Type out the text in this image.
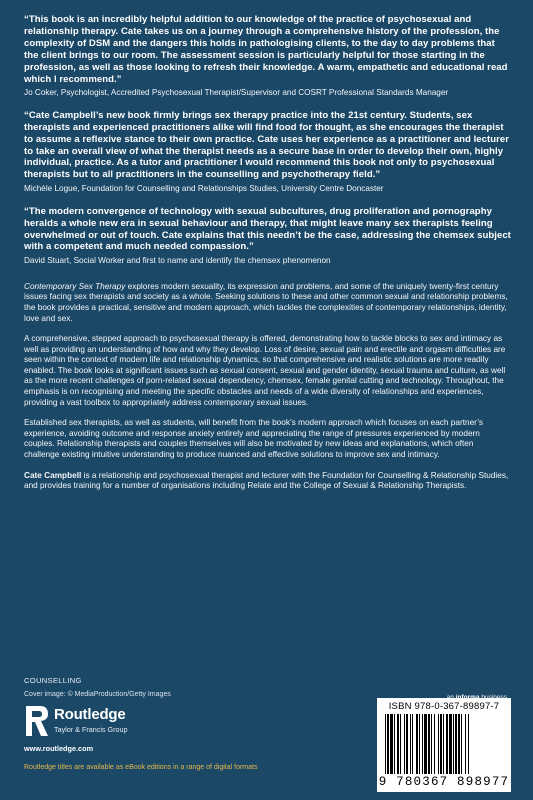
“This book is an incredibly helpful addition to our knowledge of the practice of psychosexual and relationship therapy. Cate takes us on a journey through a comprehensive history of the profession, the complexity of DSM and the dangers this holds in pathologising clients, to the day to day problems that the client brings to our room. The assessment session is particularly helpful for those starting in the profession, as well as those looking to refresh their knowledge. A warm, empathetic and educational read which I recommend.”

Jo Coker, Psychologist, Accredited Psychosexual Therapist/Supervisor and COSRT Professional Standards Manager

“Cate Campbell’s new book firmly brings sex therapy practice into the 21st century. Students, sex therapists and experienced practitioners alike will find food for thought, as she encourages the therapist to assume a reflexive stance to their own practice. Cate uses her experience as a practitioner and lecturer to take an overall view of what the therapist needs as a secure base in order to develop their own, highly individual, practice. As a tutor and practitioner I would recommend this book not only to psychosexual therapists but to all practitioners in the counselling and psychotherapy field.”

Michèle Logue, Foundation for Counselling and Relationships Studies, University Centre Doncaster

“The modern convergence of technology with sexual subcultures, drug proliferation and pornography heralds a whole new era in sexual behaviour and therapy, that might leave many sex therapists feeling overwhelmed or out of touch. Cate explains that this needn’t be the case, addressing the chemsex subject with a competent and much needed compassion.”

David Stuart, Social Worker and first to name and identify the chemsex phenomenon

Contemporary Sex Therapy explores modern sexuality, its expression and problems, and some of the uniquely twenty-first century issues facing sex therapists and society as a whole. Seeking solutions to these and other common sexual and relationship problems, the book provides a practical, sensitive and modern approach, which tackles the complexities of contemporary relationships, identity, love and sex.

A comprehensive, stepped approach to psychosexual therapy is offered, demonstrating how to tackle blocks to sex and intimacy as well as providing an understanding of how and why they develop. Loss of desire, sexual pain and erectile and orgasm difficulties are seen within the context of modern life and relationship dynamics, so that comprehensive and realistic solutions are more readily enabled. The book looks at significant issues such as sexual consent, sexual and gender identity, sexual trauma and culture, as well as the more recent challenges of porn-related sexual dependency, chemsex, female genital cutting and technology. Throughout, the emphasis is on recognising and meeting the specific obstacles and needs of a wide diversity of relationships and experiences, providing a vast toolbox to appropriately address contemporary sexual issues.

Established sex therapists, as well as students, will benefit from the book’s modern approach which focuses on each partner’s experience, avoiding outcome and response anxiety entirely and appreciating the range of pressures experienced by modern couples. Relationship therapists and couples themselves will also be motivated by new ideas and explanations, which often challenge existing intuitive understanding to produce nuanced and effective solutions to improve sex and intimacy.

Cate Campbell is a relationship and psychosexual therapist and lecturer with the Foundation for Counselling & Relationship Studies, and provides training for a number of organisations including Relate and the College of Sexual & Relationship Therapists.

COUNSELLING
Cover image: © MediaProduction/Getty Images
Routledge
Taylor & Francis Group
www.routledge.com
Routledge titles are available as eBook editions in a range of digital formats
ISBN 978-0-367-89897-7
9 780367 898977
